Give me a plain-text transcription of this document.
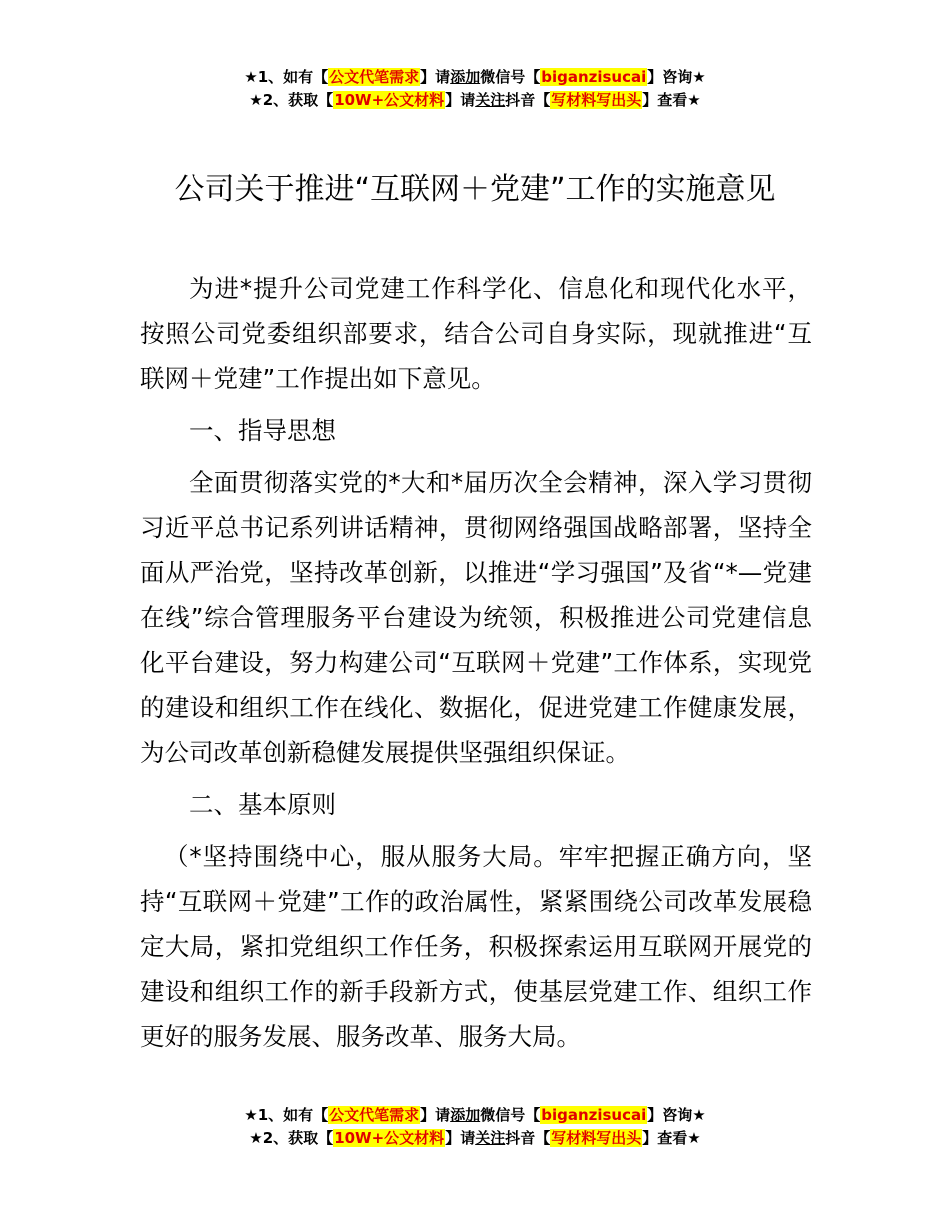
★1、如有【公文代笔需求】请添加微信号【biganzisucai】咨询★
★2、获取【10W+公文材料】请关注抖音【写材料写出头】查看★
公司关于推进“互联网＋党建”工作的实施意见

为进*提升公司党建工作科学化、信息化和现代化水平，按照公司党委组织部要求，结合公司自身实际，现就推进“互联网＋党建”工作提出如下意见。

一、指导思想

全面贯彻落实党的*大和*届历次全会精神，深入学习贯彻习近平总书记系列讲话精神，贯彻网络强国战略部署，坚持全面从严治党，坚持改革创新，以推进“学习强国”及省“*—党建在线”综合管理服务平台建设为统领，积极推进公司党建信息化平台建设，努力构建公司“互联网＋党建”工作体系，实现党的建设和组织工作在线化、数据化，促进党建工作健康发展，为公司改革创新稳健发展提供坚强组织保证。

二、基本原则

（*坚持围绕中心，服从服务大局。牢牢把握正确方向，坚持“互联网＋党建”工作的政治属性，紧紧围绕公司改革发展稳定大局，紧扣党组织工作任务，积极探索运用互联网开展党的建设和组织工作的新手段新方式，使基层党建工作、组织工作更好的服务发展、服务改革、服务大局。

★1、如有【公文代笔需求】请添加微信号【biganzisucai】咨询★
★2、获取【10W+公文材料】请关注抖音【写材料写出头】查看★
